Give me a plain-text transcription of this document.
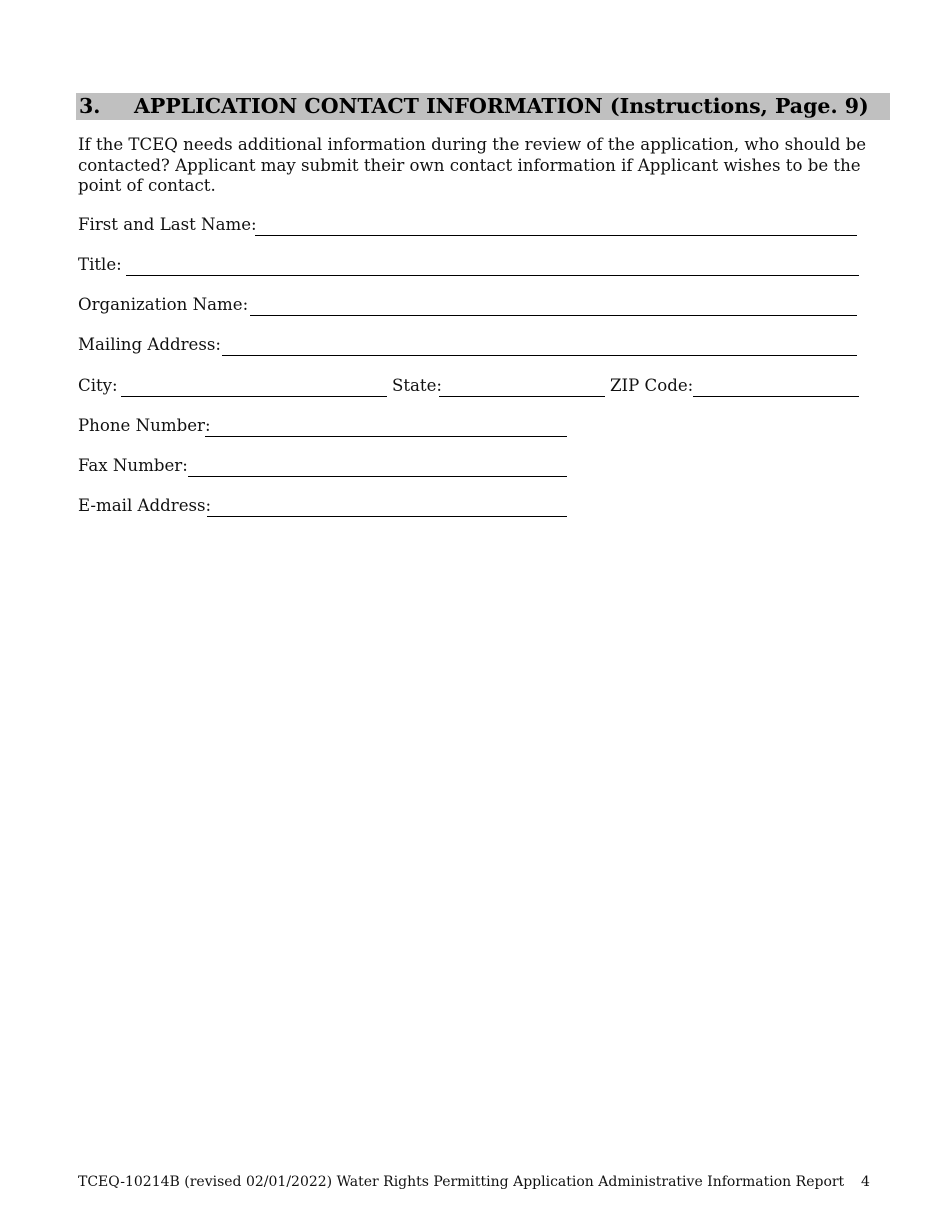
3. APPLICATION CONTACT INFORMATION (Instructions, Page. 9)

If the TCEQ needs additional information during the review of the application, who should be contacted? Applicant may submit their own contact information if Applicant wishes to be the point of contact.

First and Last Name:
Title:
Organization Name:
Mailing Address:
City:	State:	ZIP Code:
Phone Number:
Fax Number:
E-mail Address:
TCEQ-10214B (revised 02/01/2022) Water Rights Permitting Application Administrative Information Report 4
